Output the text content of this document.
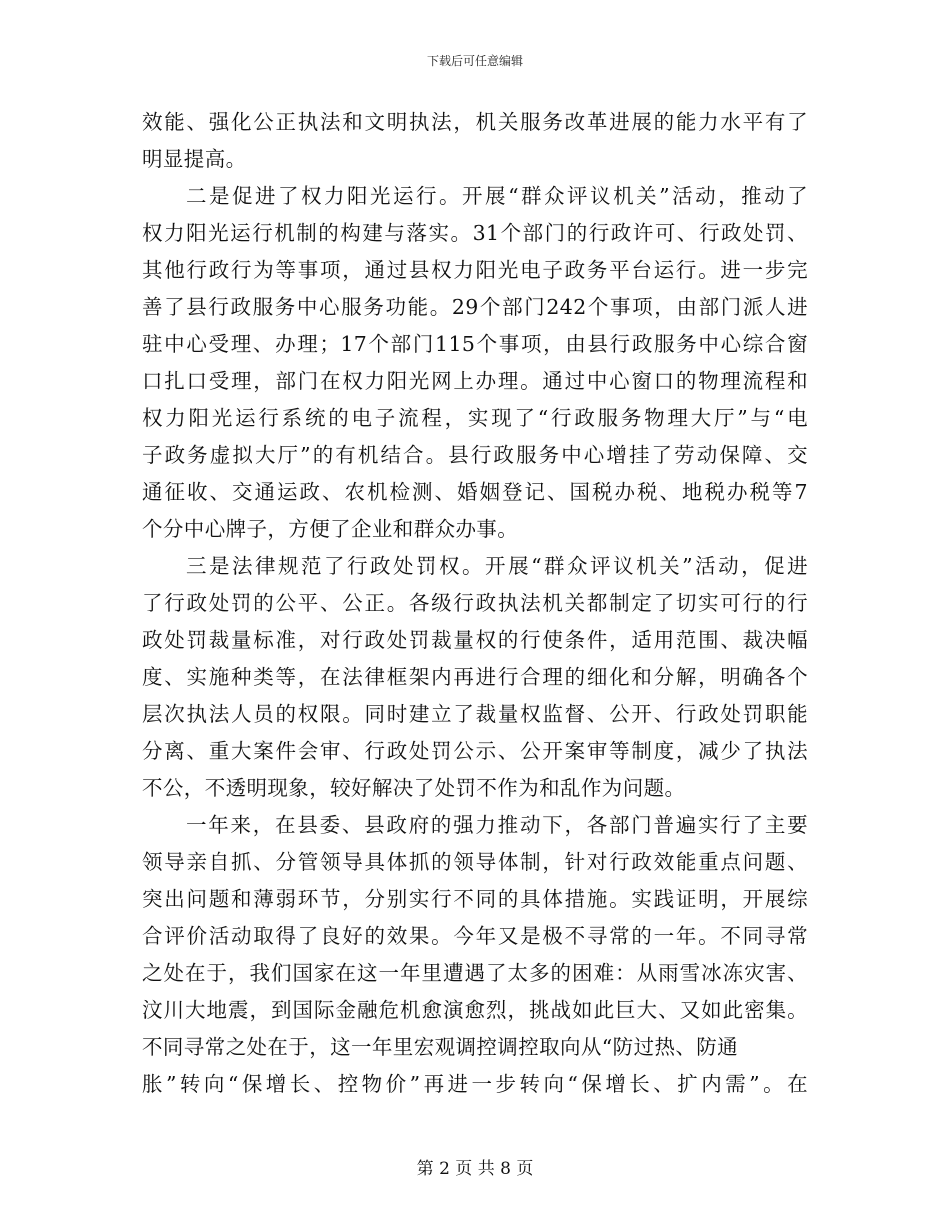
下载后可任意编辑
效能、强化公正执法和文明执法，机关服务改革进展的能力水平有了
明显提高。
二是促进了权力阳光运行。开展“群众评议机关”活动，推动了
权力阳光运行机制的构建与落实。31个部门的行政许可、行政处罚、
其他行政行为等事项，通过县权力阳光电子政务平台运行。进一步完
善了县行政服务中心服务功能。29个部门242个事项，由部门派人进
驻中心受理、办理；17个部门115个事项，由县行政服务中心综合窗
口扎口受理，部门在权力阳光网上办理。通过中心窗口的物理流程和
权力阳光运行系统的电子流程，实现了“行政服务物理大厅”与“电
子政务虚拟大厅”的有机结合。县行政服务中心增挂了劳动保障、交
通征收、交通运政、农机检测、婚姻登记、国税办税、地税办税等7
个分中心牌子，方便了企业和群众办事。
三是法律规范了行政处罚权。开展“群众评议机关”活动，促进
了行政处罚的公平、公正。各级行政执法机关都制定了切实可行的行
政处罚裁量标准，对行政处罚裁量权的行使条件，适用范围、裁决幅
度、实施种类等，在法律框架内再进行合理的细化和分解，明确各个
层次执法人员的权限。同时建立了裁量权监督、公开、行政处罚职能
分离、重大案件会审、行政处罚公示、公开案审等制度，减少了执法
不公，不透明现象，较好解决了处罚不作为和乱作为问题。
一年来，在县委、县政府的强力推动下，各部门普遍实行了主要
领导亲自抓、分管领导具体抓的领导体制，针对行政效能重点问题、
突出问题和薄弱环节，分别实行不同的具体措施。实践证明，开展综
合评价活动取得了良好的效果。今年又是极不寻常的一年。不同寻常
之处在于，我们国家在这一年里遭遇了太多的困难：从雨雪冰冻灾害、
汶川大地震，到国际金融危机愈演愈烈，挑战如此巨大、又如此密集。
不同寻常之处在于，这一年里宏观调控调控取向从“防过热、防通
胀”转向“保增长、控物价”再进一步转向“保增长、扩内需”。在
第 2 页 共 8 页
